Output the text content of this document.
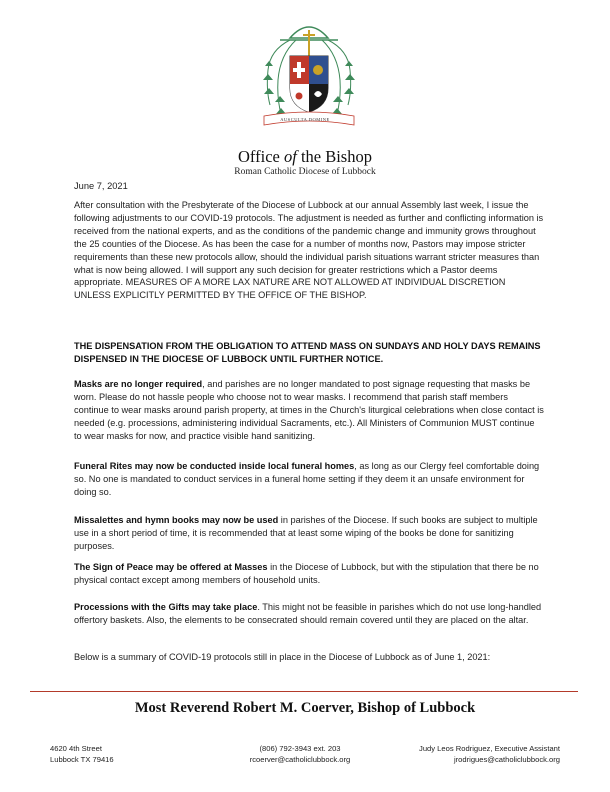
AUSCULTA DOMINE
Office of the Bishop
Roman Catholic Diocese of Lubbock
June 7, 2021

After consultation with the Presbyterate of the Diocese of Lubbock at our annual Assembly last week, I issue the following adjustments to our COVID-19 protocols. The adjustment is needed as further and conflicting information is received from the national experts, and as the conditions of the pandemic change and immunity grows throughout the 25 counties of the Diocese. As has been the case for a number of months now, Pastors may impose stricter requirements than these new protocols allow, should the individual parish situations warrant stricter measures than what is now being allowed. I will support any such decision for greater restrictions which a Pastor deems appropriate. MEASURES OF A MORE LAX NATURE ARE NOT ALLOWED AT INDIVIDUAL DISCRETION UNLESS EXPLICITLY PERMITTED BY THE OFFICE OF THE BISHOP.

THE DISPENSATION FROM THE OBLIGATION TO ATTEND MASS ON SUNDAYS AND HOLY DAYS REMAINS DISPENSED IN THE DIOCESE OF LUBBOCK UNTIL FURTHER NOTICE.

Masks are no longer required, and parishes are no longer mandated to post signage requesting that masks be worn. Please do not hassle people who choose not to wear masks. I recommend that parish staff members continue to wear masks around parish property, at times in the Church's liturgical celebrations when close contact is needed (e.g. processions, administering individual Sacraments, etc.). All Ministers of Communion MUST continue to wear masks for now, and practice visible hand sanitizing.

Funeral Rites may now be conducted inside local funeral homes, as long as our Clergy feel comfortable doing so. No one is mandated to conduct services in a funeral home setting if they deem it an unsafe environment for doing so.

Missalettes and hymn books may now be used in parishes of the Diocese. If such books are subject to multiple use in a short period of time, it is recommended that at least some wiping of the books be done for sanitizing purposes.

The Sign of Peace may be offered at Masses in the Diocese of Lubbock, but with the stipulation that there be no physical contact except among members of household units.

Processions with the Gifts may take place. This might not be feasible in parishes which do not use long-handled offertory baskets. Also, the elements to be consecrated should remain covered until they are placed on the altar.

Below is a summary of COVID-19 protocols still in place in the Diocese of Lubbock as of June 1, 2021:

Most Reverend Robert M. Coerver, Bishop of Lubbock
4620 4th Street
Lubbock TX 79416
(806) 792-3943 ext. 203
rcoerver@catholiclubbock.org
Judy Leos Rodriguez, Executive Assistant
jrodrigues@catholiclubbock.org
